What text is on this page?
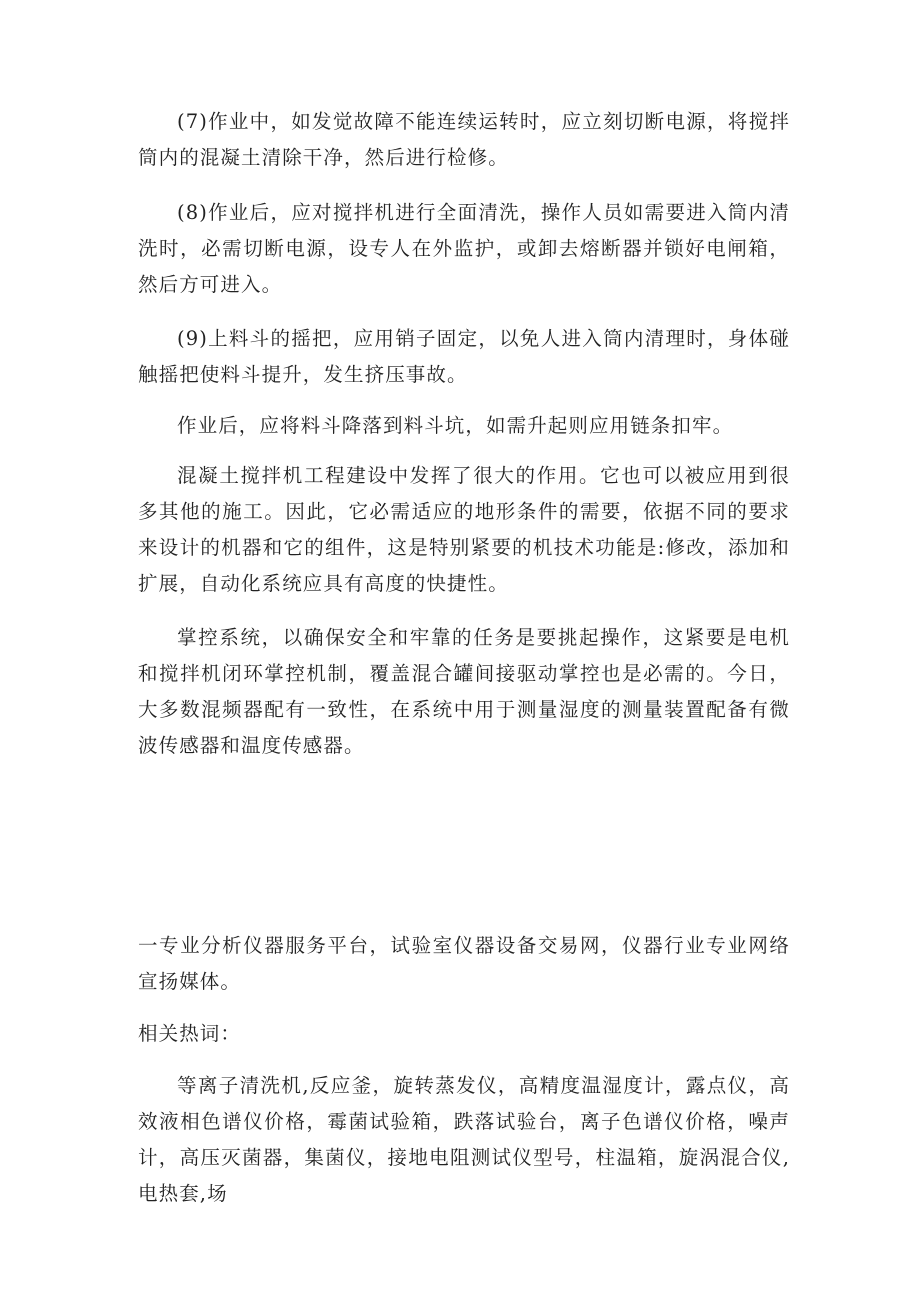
(7)作业中，如发觉故障不能连续运转时，应立刻切断电源，将搅拌筒内的混凝土清除干净，然后进行检修。

(8)作业后，应对搅拌机进行全面清洗，操作人员如需要进入筒内清洗时，必需切断电源，设专人在外监护，或卸去熔断器并锁好电闸箱，然后方可进入。

(9)上料斗的摇把，应用销子固定，以免人进入筒内清理时，身体碰触摇把使料斗提升，发生挤压事故。

作业后，应将料斗降落到料斗坑，如需升起则应用链条扣牢。

混凝土搅拌机工程建设中发挥了很大的作用。它也可以被应用到很多其他的施工。因此，它必需适应的地形条件的需要，依据不同的要求来设计的机器和它的组件，这是特别紧要的机技术功能是:修改，添加和扩展，自动化系统应具有高度的快捷性。

掌控系统，以确保安全和牢靠的任务是要挑起操作，这紧要是电机和搅拌机闭环掌控机制，覆盖混合罐间接驱动掌控也是必需的。今日，大多数混频器配有一致性，在系统中用于测量湿度的测量装置配备有微波传感器和温度传感器。

一专业分析仪器服务平台，试验室仪器设备交易网，仪器行业专业网络宣扬媒体。

相关热词：

等离子清洗机,反应釜，旋转蒸发仪，高精度温湿度计，露点仪，高效液相色谱仪价格，霉菌试验箱，跌落试验台，离子色谱仪价格，噪声计，高压灭菌器，集菌仪，接地电阻测试仪型号，柱温箱，旋涡混合仪,电热套,场
